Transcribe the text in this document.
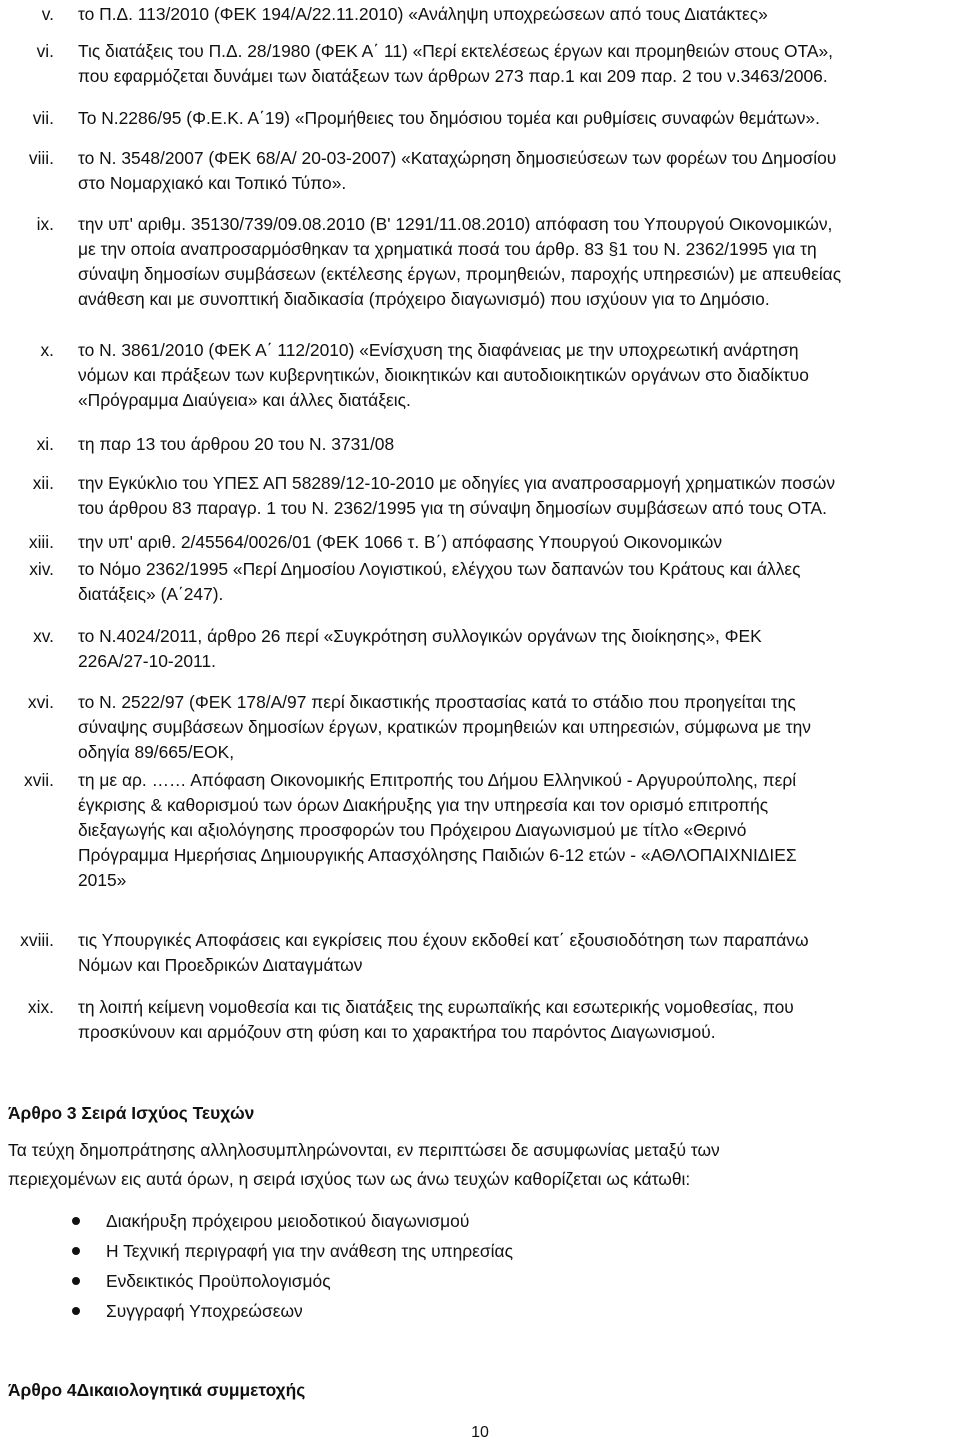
v. το Π.Δ. 113/2010 (ΦΕΚ 194/Α/22.11.2010) «Ανάληψη υποχρεώσεων από τους Διατάκτες»
vi. Τις διατάξεις του Π.Δ. 28/1980 (ΦΕΚ Α΄ 11) «Περί εκτελέσεως έργων και προμηθειών στους ΟΤΑ»,
που εφαρμόζεται δυνάμει των διατάξεων των άρθρων 273 παρ.1 και 209 παρ. 2 του ν.3463/2006.
vii. Το Ν.2286/95 (Φ.Ε.Κ. Α΄19) «Προμήθειες του δημόσιου τομέα και ρυθμίσεις συναφών θεμάτων».
viii. το Ν. 3548/2007 (ΦΕΚ 68/Α/ 20-03-2007) «Καταχώρηση δημοσιεύσεων των φορέων του Δημοσίου
στο Νομαρχιακό και Τοπικό Τύπο».
ix. την υπ' αριθμ. 35130/739/09.08.2010 (Β' 1291/11.08.2010) απόφαση του Υπουργού Οικονομικών,
με την οποία αναπροσαρμόσθηκαν τα χρηματικά ποσά του άρθρ. 83 §1 του Ν. 2362/1995 για τη
σύναψη δημοσίων συμβάσεων (εκτέλεσης έργων, προμηθειών, παροχής υπηρεσιών) με απευθείας
ανάθεση και με συνοπτική διαδικασία (πρόχειρο διαγωνισμό) που ισχύουν για το Δημόσιο.
x. το Ν. 3861/2010 (ΦΕΚ Α΄ 112/2010) «Ενίσχυση της διαφάνειας με την υποχρεωτική ανάρτηση
νόμων και πράξεων των κυβερνητικών, διοικητικών και αυτοδιοικητικών οργάνων στο διαδίκτυο
«Πρόγραμμα Διαύγεια» και άλλες διατάξεις.
xi. τη παρ 13 του άρθρου 20 του Ν. 3731/08
xii. την Εγκύκλιο του ΥΠΕΣ ΑΠ 58289/12-10-2010 με οδηγίες για αναπροσαρμογή χρηματικών ποσών
του άρθρου 83 παραγρ. 1 του Ν. 2362/1995 για τη σύναψη δημοσίων συμβάσεων από τους ΟΤΑ.
xiii. την υπ' αριθ. 2/45564/0026/01 (ΦΕΚ 1066 τ. Β΄) απόφασης Υπουργού Οικονομικών
xiv. το Νόμο 2362/1995 «Περί Δημοσίου Λογιστικού, ελέγχου των δαπανών του Κράτους και άλλες
διατάξεις» (Α΄247).
xv. το Ν.4024/2011, άρθρο 26 περί «Συγκρότηση συλλογικών οργάνων της διοίκησης», ΦΕΚ
226Α/27-10-2011.
xvi. το Ν. 2522/97 (ΦΕΚ 178/Α/97 περί δικαστικής προστασίας κατά το στάδιο που προηγείται της
σύναψης συμβάσεων δημοσίων έργων, κρατικών προμηθειών και υπηρεσιών, σύμφωνα με την
οδηγία 89/665/ΕΟΚ,
xvii. τη με αρ. …… Απόφαση Οικονομικής Επιτροπής του Δήμου Ελληνικού - Αργυρούπολης, περί
έγκρισης & καθορισμού των όρων Διακήρυξης για την υπηρεσία και τον ορισμό επιτροπής
διεξαγωγής και αξιολόγησης προσφορών του Πρόχειρου Διαγωνισμού με τίτλο «Θερινό
Πρόγραμμα Ημερήσιας Δημιουργικής Απασχόλησης Παιδιών 6-12 ετών - «ΑΘΛΟΠΑΙΧΝΙΔΙΕΣ
2015»
xviii. τις Υπουργικές Αποφάσεις και εγκρίσεις που έχουν εκδοθεί κατ΄ εξουσιοδότηση των παραπάνω
Νόμων και Προεδρικών Διαταγμάτων
xix. τη λοιπή κείμενη νομοθεσία και τις διατάξεις της ευρωπαϊκής και εσωτερικής νομοθεσίας, που
προσκύνουν και αρμόζουν στη φύση και το χαρακτήρα του παρόντος Διαγωνισμού.
Άρθρο 3 Σειρά Ισχύος Τευχών
Τα τεύχη δημοπράτησης αλληλοσυμπληρώνονται, εν περιπτώσει δε ασυμφωνίας μεταξύ των
περιεχομένων εις αυτά όρων, η σειρά ισχύος των ως άνω τευχών καθορίζεται ως κάτωθι:
Διακήρυξη πρόχειρου μειοδοτικού διαγωνισμού
Η Τεχνική περιγραφή για την ανάθεση της υπηρεσίας
Ενδεικτικός Προϋπολογισμός
Συγγραφή Υποχρεώσεων
Άρθρο 4Δικαιολογητικά συμμετοχής
10
